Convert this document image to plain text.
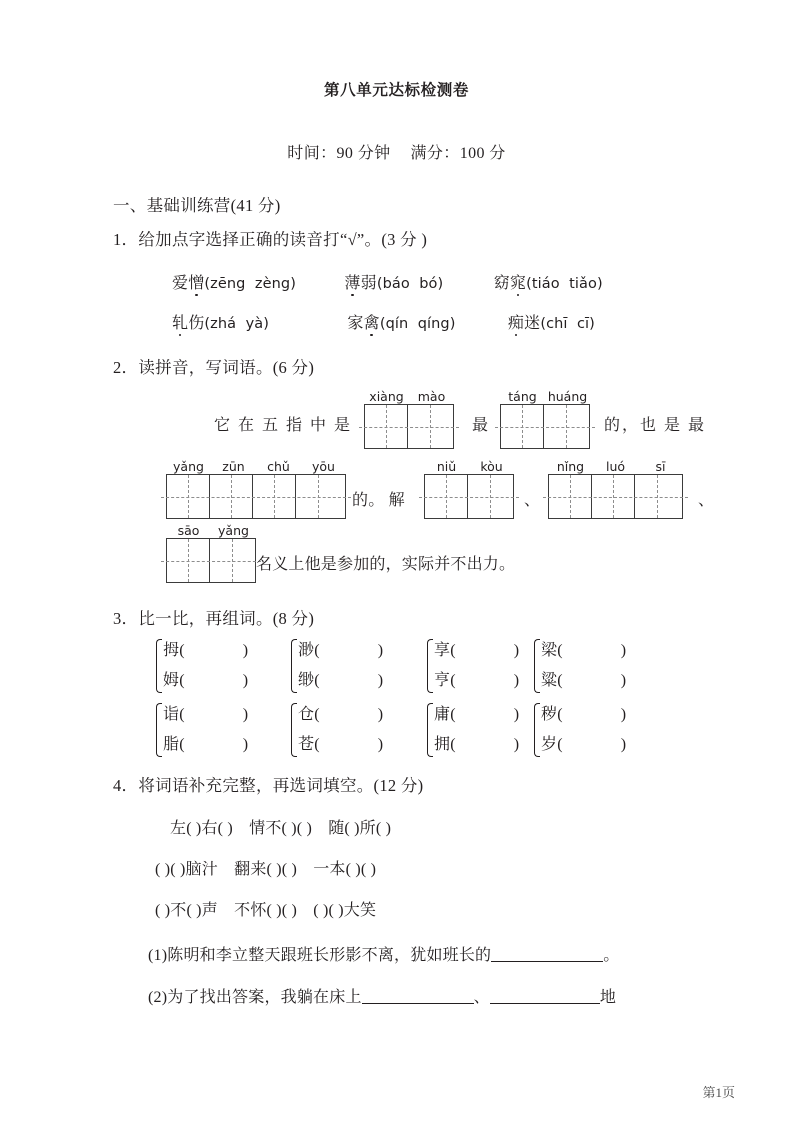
第八单元达标检测卷
时间：90 分钟 满分：100 分
一、基础训练营(41 分)
1．给加点字选择正确的读音打“√”。(3 分 )
爱憎(zēng  zèng)	薄弱(báo  bó)	窈窕(tiáo  tiǎo)
轧伤(zhá  yà)	家禽(qín  qíng)	痴迷(chī  cī)
2．读拼音，写词语。(6 分)
它 在 五 指 中 是
xiàng	mào
最
táng huáng
的，也 是 最
yǎng	zūn	chǔ	yōu
的。 解
niǔ	kòu
、
nǐng	luó	sī
、
sāo	yǎng
名义上他是参加的，实际并不出力。
3．比一比，再组词。(8 分)
拇(	)
姆(	)
渺(	)
缈(	)
享(	)
亨(	)
梁(	)
粱(	)
诣(	)
脂(	)
仓(	)
苍(	)
庸(	)
拥(	)
秽(	)
岁(	)
4．将词语补充完整，再选词填空。(12 分)
左( )右( )　情不( )( )　随( )所( )
( )( )脑汁　翻来( )( )　一本( )( )
( )不( )声　不怀( )( )　( )( )大笑
(1)陈明和李立整天跟班长形影不离，犹如班长的	。
(2)为了找出答案，我躺在床上	、	地
第1页
